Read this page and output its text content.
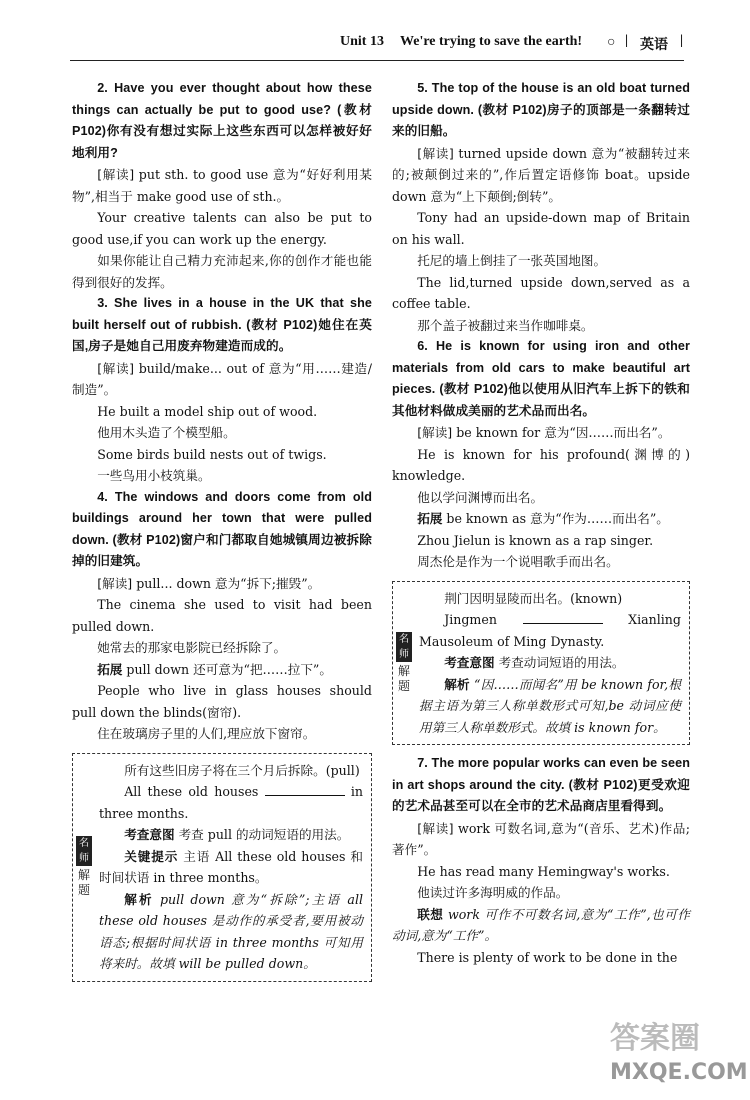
Unit 13 We're trying to save the earth! ○ | 英语 |

2. Have you ever thought about how these things can actually be put to good use? (教材P102)你有没有想过实际上这些东西可以怎样被好好地利用?

[解读] put sth. to good use 意为“好好利用某物”,相当于 make good use of sth.。

Your creative talents can also be put to good use,if you can work up the energy.

如果你能让自己精力充沛起来,你的创作才能也能得到很好的发挥。

3. She lives in a house in the UK that she built herself out of rubbish. (教材 P102)她住在英国,房子是她自己用废弃物建造而成的。

[解读] build/make... out of 意为“用……建造/制造”。

He built a model ship out of wood.

他用木头造了个模型船。

Some birds build nests out of twigs.

一些鸟用小枝筑巢。

4. The windows and doors come from old buildings around her town that were pulled down. (教材 P102)窗户和门都取自她城镇周边被拆除掉的旧建筑。

[解读] pull... down 意为“拆下;摧毁”。

The cinema she used to visit had been pulled down.

她常去的那家电影院已经拆除了。

拓展 pull down 还可意为“把……拉下”。

People who live in glass houses should pull down the blinds(窗帘).

住在玻璃房子里的人们,理应放下窗帘。

名师
解题

所有这些旧房子将在三个月后拆除。(pull)

All these old houses	in three months.

考查意图 考查 pull 的动词短语的用法。

关键提示 主语 All these old houses 和时间状语 in three months。

解析 pull down 意为“拆除”;主语 all these old houses 是动作的承受者,要用被动语态;根据时间状语 in three months 可知用将来时。故填 will be pulled down。

5. The top of the house is an old boat turned upside down. (教材 P102)房子的顶部是一条翻转过来的旧船。

[解读] turned upside down 意为“被翻转过来的;被颠倒过来的”,作后置定语修饰 boat。upside down 意为“上下颠倒;倒转”。

Tony had an upside-down map of Britain on his wall.

托尼的墙上倒挂了一张英国地图。

The lid,turned upside down,served as a coffee table.

那个盖子被翻过来当作咖啡桌。

6. He is known for using iron and other materials from old cars to make beautiful art pieces. (教材 P102)他以使用从旧汽车上拆下的铁和其他材料做成美丽的艺术品而出名。

[解读] be known for 意为“因……而出名”。

He is known for his profound(渊博的) knowledge.

他以学问渊博而出名。

拓展 be known as 意为“作为……而出名”。

Zhou Jielun is known as a rap singer.

周杰伦是作为一个说唱歌手而出名。

名师
解题

荆门因明显陵而出名。(known)

Jingmen	Xianling Mausoleum of Ming Dynasty.

考查意图 考查动词短语的用法。

解析 “因……而闻名”用 be known for,根据主语为第三人称单数形式可知,be 动词应使用第三人称单数形式。故填 is known for。

7. The more popular works can even be seen in art shops around the city. (教材 P102)更受欢迎的艺术品甚至可以在全市的艺术品商店里看得到。

[解读] work 可数名词,意为“(音乐、艺术)作品;著作”。

He has read many Hemingway's works.

他读过许多海明威的作品。

联想 work 可作不可数名词,意为“工作”,也可作动词,意为“工作”。

There is plenty of work to be done in the

答案圈
MXQE.COM
